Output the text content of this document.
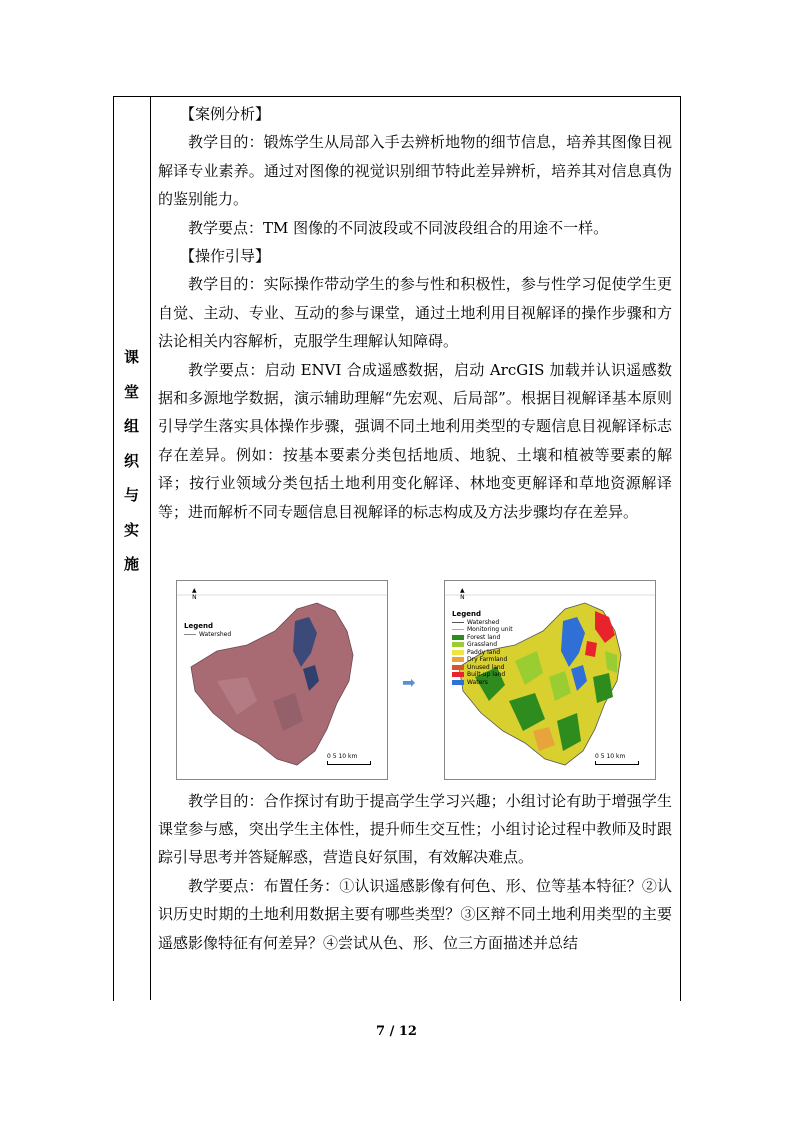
课
堂
组
织
与
实
施

【案例分析】

教学目的：锻炼学生从局部入手去辨析地物的细节信息，培养其图像目视解译专业素养。通过对图像的视觉识别细节特此差异辨析，培养其对信息真伪的鉴别能力。

教学要点：TM 图像的不同波段或不同波段组合的用途不一样。

【操作引导】

教学目的：实际操作带动学生的参与性和积极性，参与性学习促使学生更自觉、主动、专业、互动的参与课堂，通过土地利用目视解译的操作步骤和方法论相关内容解析，克服学生理解认知障碍。

教学要点：启动 ENVI 合成遥感数据，启动 ArcGIS 加载并认识遥感数据和多源地学数据，演示辅助理解“先宏观、后局部”。根据目视解译基本原则引导学生落实具体操作步骤，强调不同土地利用类型的专题信息目视解译标志存在差异。例如：按基本要素分类包括地质、地貌、土壤和植被等要素的解译；按行业领域分类包括土地利用变化解译、林地变更解译和草地资源解译等；进而解析不同专题信息目视解译的标志构成及方法步骤均存在差异。

教学目的：合作探讨有助于提高学生学习兴趣；小组讨论有助于增强学生课堂参与感，突出学生主体性，提升师生交互性；小组讨论过程中教师及时跟踪引导思考并答疑解惑，营造良好氛围，有效解决难点。

教学要点：布置任务：①认识遥感影像有何色、形、位等基本特征？②认识历史时期的土地利用数据主要有哪些类型？③区辩不同土地利用类型的主要遥感影像特征有何差异？④尝试从色、形、位三方面描述并总结

▲
N
Legend
Watershed
0 5 10 km
➡
▲
N
Legend
Watershed
Monitoring unit
Forest land
Grassland
Paddy land
Dry Farmland
Unused land
Built-up land
Waters
0 5 10 km
7 / 12
